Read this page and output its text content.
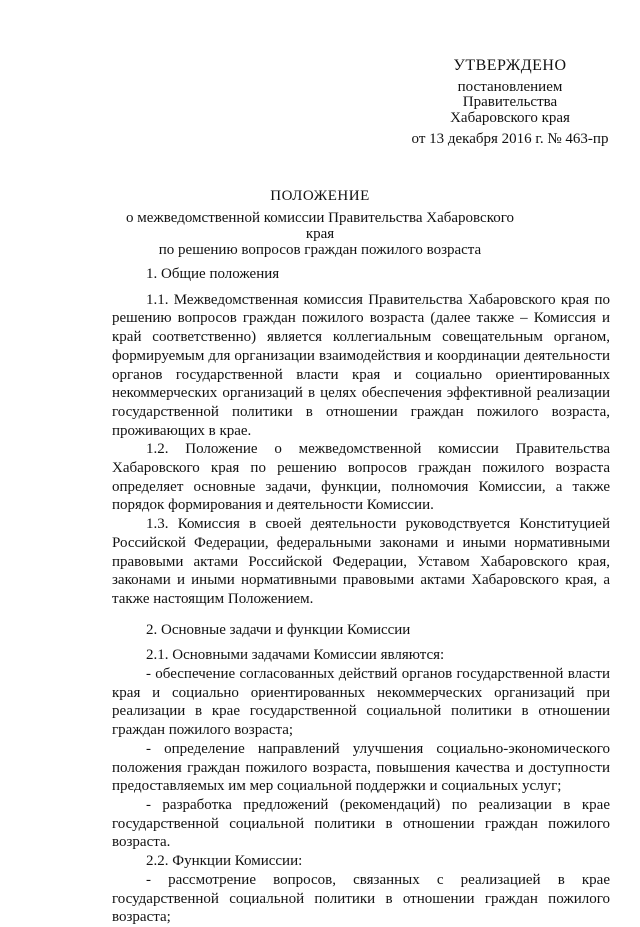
УТВЕРЖДЕНО
постановлением
Правительства
Хабаровского края
от 13 декабря 2016 г. № 463-пр
ПОЛОЖЕНИЕ
о межведомственной комиссии Правительства Хабаровского края
по решению вопросов граждан пожилого возраста

1. Общие положения

1.1. Межведомственная комиссия Правительства Хабаровского края по решению вопросов граждан пожилого возраста (далее также – Комиссия и край соответственно) является коллегиальным совещательным органом, формируемым для организации взаимодействия и координации деятельности органов государственной власти края и социально ориентированных некоммерческих организаций в целях обеспечения эффективной реализации государственной политики в отношении граждан пожилого возраста, проживающих в крае.

1.2. Положение о межведомственной комиссии Правительства Хабаровского края по решению вопросов граждан пожилого возраста определяет основные задачи, функции, полномочия Комиссии, а также порядок формирования и деятельности Комиссии.

1.3. Комиссия в своей деятельности руководствуется Конституцией Российской Федерации, федеральными законами и иными нормативными правовыми актами Российской Федерации, Уставом Хабаровского края, законами и иными нормативными правовыми актами Хабаровского края, а также настоящим Положением.

2. Основные задачи и функции Комиссии

2.1. Основными задачами Комиссии являются:

- обеспечение согласованных действий органов государственной власти края и социально ориентированных некоммерческих организаций при реализации в крае государственной социальной политики в отношении граждан пожилого возраста;

- определение направлений улучшения социально-экономического положения граждан пожилого возраста, повышения качества и доступности предоставляемых им мер социальной поддержки и социальных услуг;

- разработка предложений (рекомендаций) по реализации в крае государственной социальной политики в отношении граждан пожилого возраста.

2.2. Функции Комиссии:

- рассмотрение вопросов, связанных с реализацией в крае государственной социальной политики в отношении граждан пожилого возраста;
